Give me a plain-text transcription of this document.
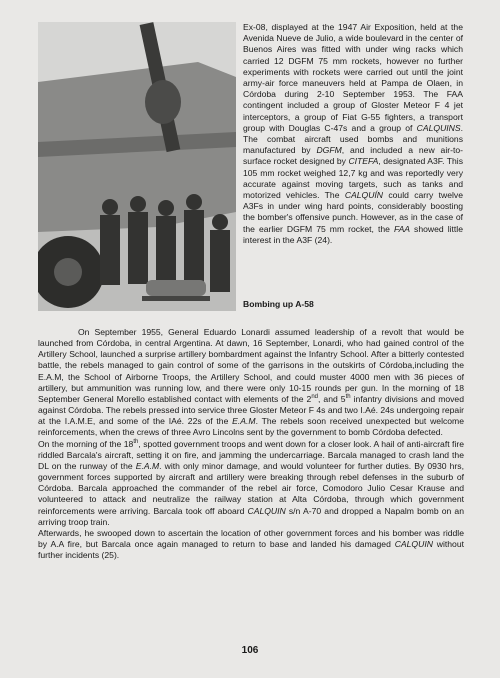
Ex-08, displayed at the 1947 Air Exposition, held at the Avenida Nueve de Julio, a wide boulevard in the center of Buenos Aires was fitted with under wing racks which carried 12 DGFM 75 mm rockets, however no further experiments with rockets were carried out until the joint army-air force maneuvers held at Pampa de Olaen, in Córdoba during 2-10 September 1953. The FAA contingent included a group of Gloster Meteor F 4 jet interceptors, a group of Fiat G-55 fighters, a transport group with Douglas C-47s and a group of CALQUINS. The combat aircraft used bombs and munitions manufactured by DGFM, and included a new air-to-surface rocket designed by CITEFA, designated A3F. This 105 mm rocket weighed 12,7 kg and was reportedly very accurate against moving targets, such as tanks and motorized vehicles. The CALQUÍN could carry twelve A3Fs in under wing hard points, considerably boosting the bomber's offensive punch. However, as in the case of the earlier DGFM 75 mm rocket, the FAA showed little interest in the A3F (24).

Bombing up A-58

On September 1955, General Eduardo Lonardi assumed leadership of a revolt that would be launched from Córdoba, in central Argentina. At dawn, 16 September, Lonardi, who had gained control of the Artillery School, launched a surprise artillery bombardment against the Infantry School. After a bitterly contested battle, the rebels managed to gain control of some of the garrisons in the outskirts of Córdoba,including the E.A.M, the School of Airborne Troops, the Artillery School, and could muster 4000 men with 36 pieces of artillery, but ammunition was running low, and there were only 10-15 rounds per gun. In the morning of 18 September General Morello established contact with elements of the 2nd, and 5th infantry divisions and moved against Córdoba. The rebels pressed into service three Gloster Meteor F 4s and two I.Aé. 24s undergoing repair at the I.A.M.E, and some of the IAé. 22s of the E.A.M. The rebels soon received unexpected but welcome reinforcements, when the crews of three Avro Lincolns sent by the government to bomb Córdoba defected.

On the morning of the 18th, spotted government troops and went down for a closer look. A hail of anti-aircraft fire riddled Barcala's aircraft, setting it on fire, and jamming the undercarriage. Barcala managed to crash land the DL on the runway of the E.A.M. with only minor damage, and would volunteer for further duties. By 0930 hrs, government forces supported by aircraft and artillery were breaking through rebel defenses in the suburb of Córdoba. Barcala approached the commander of the rebel air force, Comodoro Julio Cesar Krause and volunteered to attack and neutralize the railway station at Alta Córdoba, through which government reinforcements were arriving. Barcala took off aboard CALQUIN s/n A-70 and dropped a Napalm bomb on an arriving troop train.

Afterwards, he swooped down to ascertain the location of other government forces and his bomber was riddle by A.A fire, but Barcala once again managed to return to base and landed his damaged CALQUIN without further incidents (25).

106
